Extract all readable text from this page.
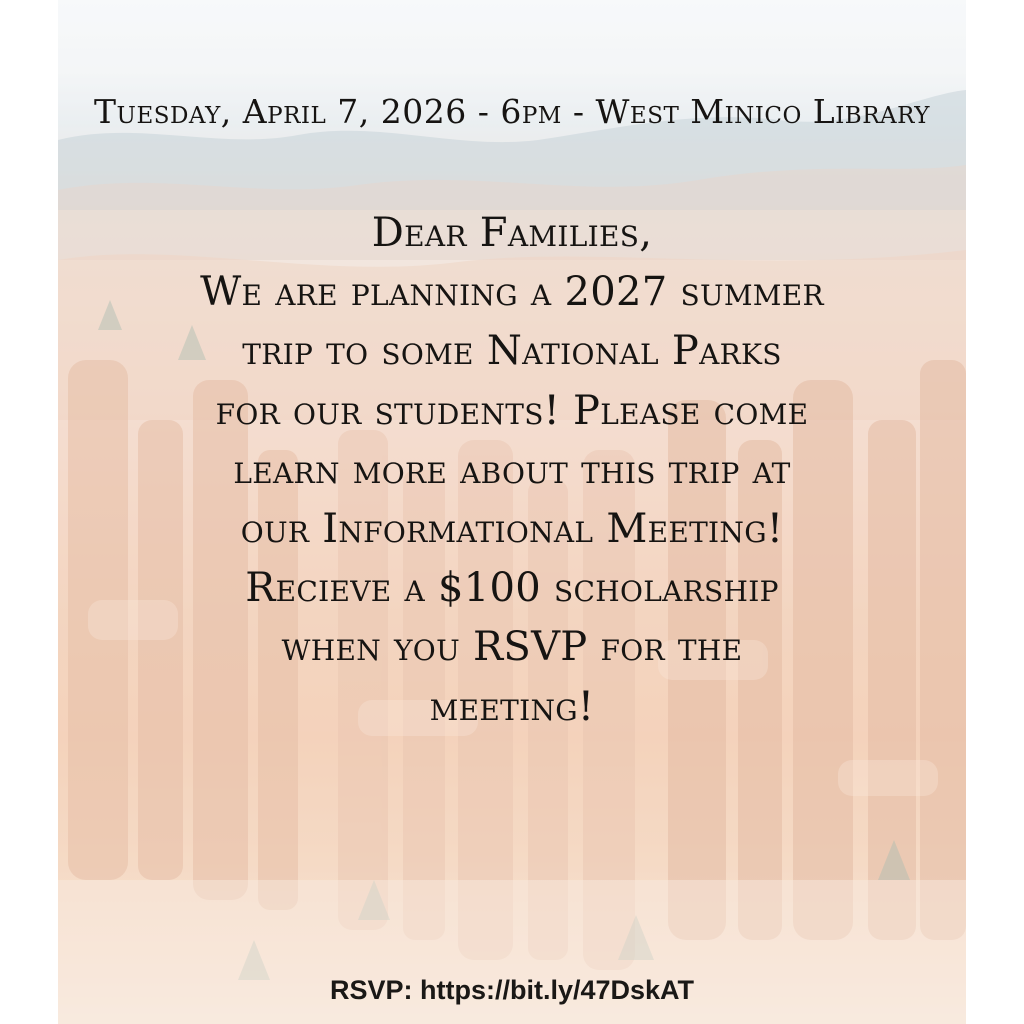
Tuesday, April 7, 2026 - 6pm - West Minico Library
Dear Families,
We are planning a 2027 summer
trip to some National Parks
for our students! Please come
learn more about this trip at
our Informational Meeting!
Recieve a $100 scholarship
when you RSVP for the
meeting!
RSVP: https://bit.ly/47DskAT
